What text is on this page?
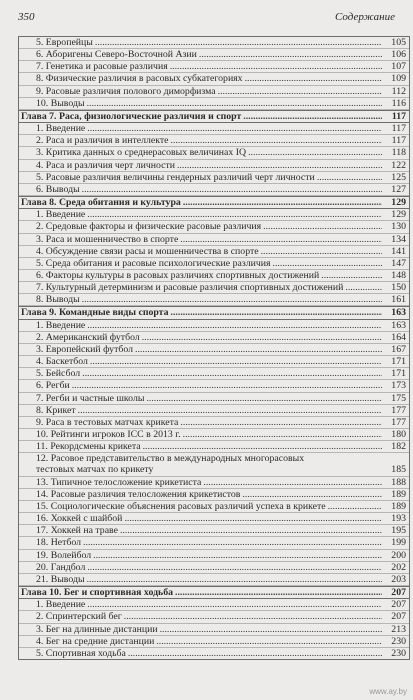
350	Содержание
5. Европейцы .....	105
6. Аборигены Северо-Восточной Азии .....	106
7. Генетика и расовые различия .....	107
8. Физические различия в расовых субкатегориях .....	109
9. Расовые различия полового диморфизма .....	112
10. Выводы .....	116
Глава 7. Раса, физиологические различия и спорт .....	117
1. Введение .....	117
2. Раса и различия в интеллекте .....	117
3. Критика данных о среднерасовых величинах IQ .....	118
4. Раса и различия черт личности .....	122
5. Расовые различия величины гендерных различий черт личности .....	125
6. Выводы .....	127
Глава 8. Среда обитания и культура .....	129
1. Введение .....	129
2. Средовые факторы и физические расовые различия .....	130
3. Раса и мошенничество в спорте .....	134
4. Обсуждение связи расы и мошенничества в спорте .....	141
5. Среда обитания и расовые психологические различия .....	147
6. Факторы культуры в расовых различиях спортивных достижений .....	148
7. Культурный детерминизм и расовые различия спортивных достижений .....	150
8. Выводы .....	161
Глава 9. Командные виды спорта .....	163
1. Введение .....	163
2. Американский футбол .....	164
3. Европейский футбол .....	167
4. Баскетбол .....	171
5. Бейсбол .....	171
6. Регби .....	173
7. Регби и частные школы .....	175
8. Крикет .....	177
9. Раса в тестовых матчах крикета .....	177
10. Рейтинги игроков ICC в 2013 г. .....	180
11. Рекордсмены крикета .....	182
12. Расовое представительство в международных многорасовых
тестовых матчах по крикету	185
13. Типичное телосложение крикетиста .....	188
14. Расовые различия телосложения крикетистов .....	189
15. Социологические объяснения расовых различий успеха в крикете .....	189
16. Хоккей с шайбой .....	193
17. Хоккей на траве .....	195
18. Нетбол .....	199
19. Волейбол .....	200
20. Гандбол .....	202
21. Выводы .....	203
Глава 10. Бег и спортивная ходьба .....	207
1. Введение .....	207
2. Спринтерский бег .....	207
3. Бег на длинные дистанции .....	213
4. Бег на средние дистанции .....	230
5. Спортивная ходьба .....	230
www.ay.by
